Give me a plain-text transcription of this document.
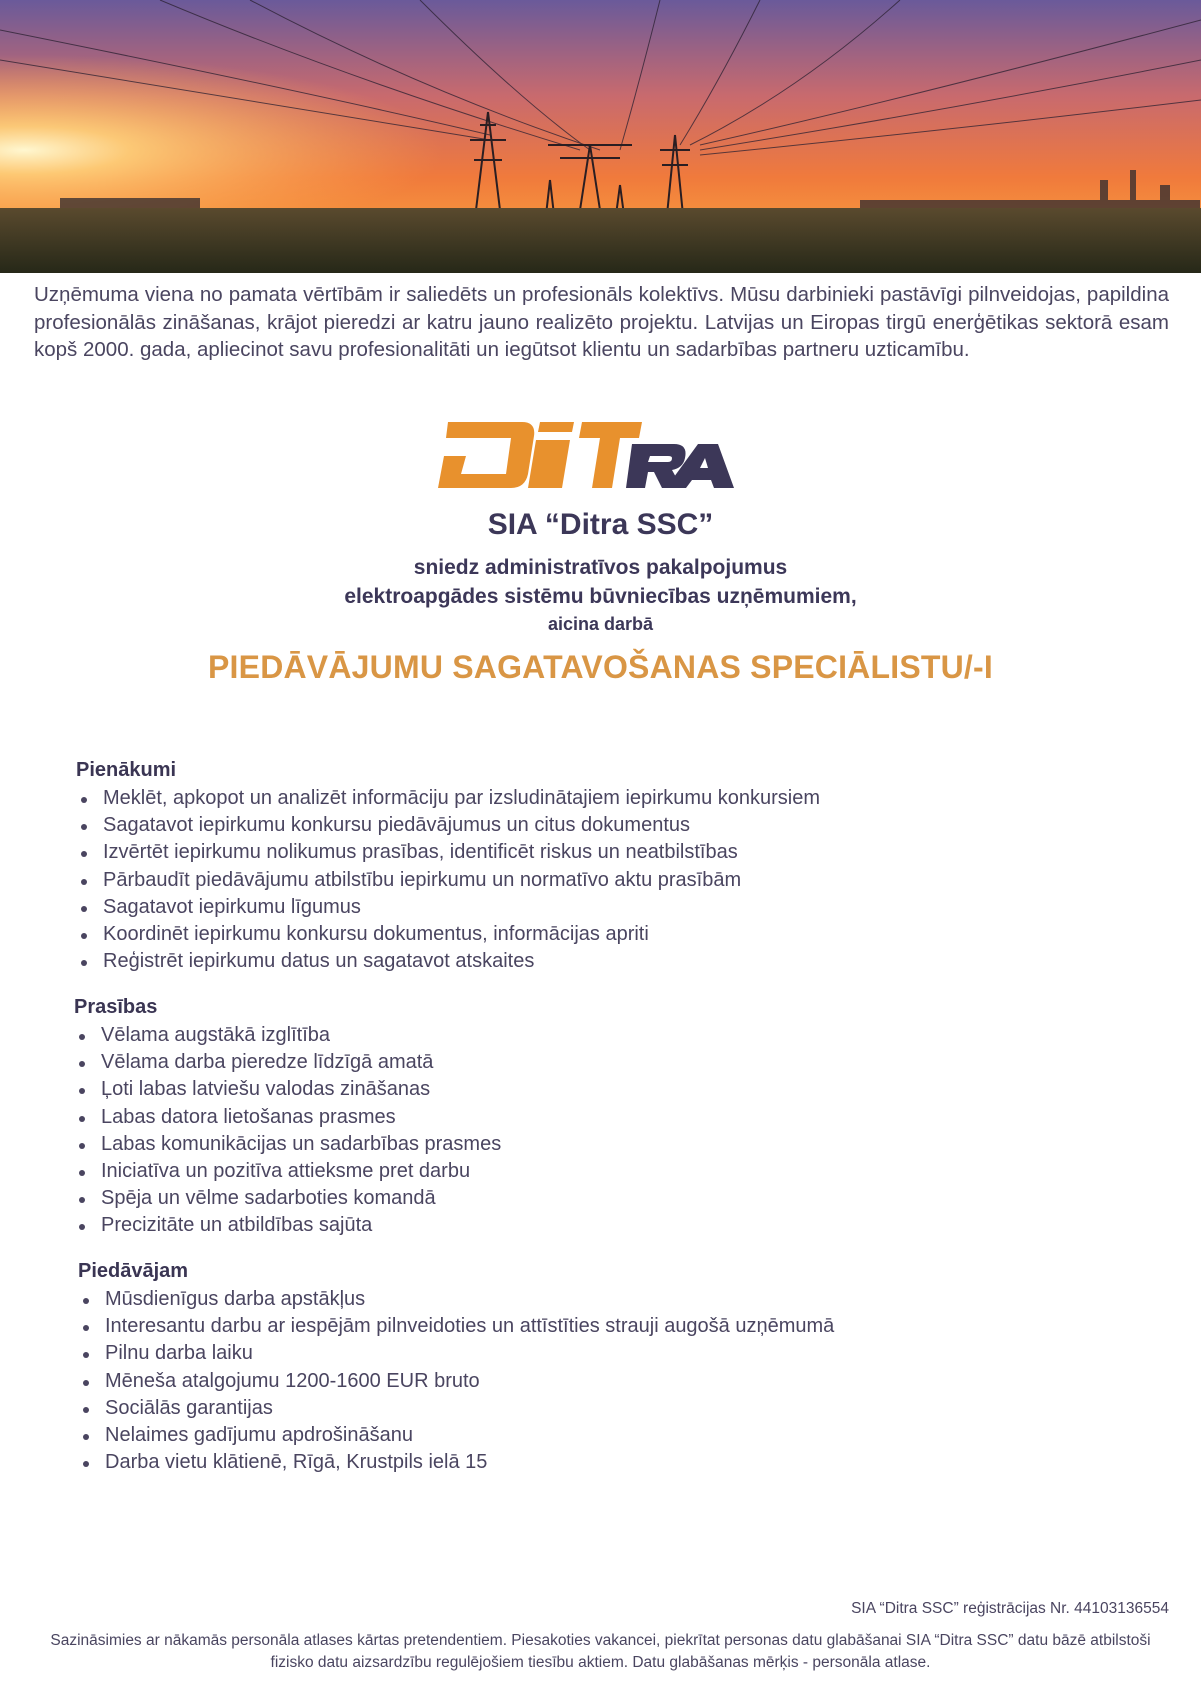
Uzņēmuma viena no pamata vērtībām ir saliedēts un profesionāls kolektīvs. Mūsu darbinieki pastāvīgi pilnveidojas, papildina profesionālās zināšanas, krājot pieredzi ar katru jauno realizēto projektu. Latvijas un Eiropas tirgū enerģētikas sektorā esam kopš 2000. gada, apliecinot savu profesionalitāti un iegūtsot klientu un sadarbības partneru uzticamību.

SIA “Ditra SSC”
sniedz administratīvos pakalpojumus
elektroapgādes sistēmu būvniecības uzņēmumiem,
aicina darbā
PIEDĀVĀJUMU SAGATAVOŠANAS SPECIĀLISTU/-I
Pienākumi
Meklēt, apkopot un analizēt informāciju par izsludinātajiem iepirkumu konkursiem
Sagatavot iepirkumu konkursu piedāvājumus un citus dokumentus
Izvērtēt iepirkumu nolikumus prasības, identificēt riskus un neatbilstības
Pārbaudīt piedāvājumu atbilstību iepirkumu un normatīvo aktu prasībām
Sagatavot iepirkumu līgumus
Koordinēt iepirkumu konkursu dokumentus, informācijas apriti
Reģistrēt iepirkumu datus un sagatavot atskaites
Prasības
Vēlama augstākā izglītība
Vēlama darba pieredze līdzīgā amatā
Ļoti labas latviešu valodas zināšanas
Labas datora lietošanas prasmes
Labas komunikācijas un sadarbības prasmes
Iniciatīva un pozitīva attieksme pret darbu
Spēja un vēlme sadarboties komandā
Precizitāte un atbildības sajūta
Piedāvājam
Mūsdienīgus darba apstākļus
Interesantu darbu ar iespējām pilnveidoties un attīstīties strauji augošā uzņēmumā
Pilnu darba laiku
Mēneša atalgojumu 1200-1600 EUR bruto
Sociālās garantijas
Nelaimes gadījumu apdrošināšanu
Darba vietu klātienē, Rīgā, Krustpils ielā 15

SIA “Ditra SSC” reģistrācijas Nr. 44103136554

Sazināsimies ar nākamās personāla atlases kārtas pretendentiem. Piesakoties vakancei, piekrītat personas datu glabāšanai SIA “Ditra SSC” datu bāzē atbilstoši fizisko datu aizsardzību regulējošiem tiesību aktiem. Datu glabāšanas mērķis - personāla atlase.
